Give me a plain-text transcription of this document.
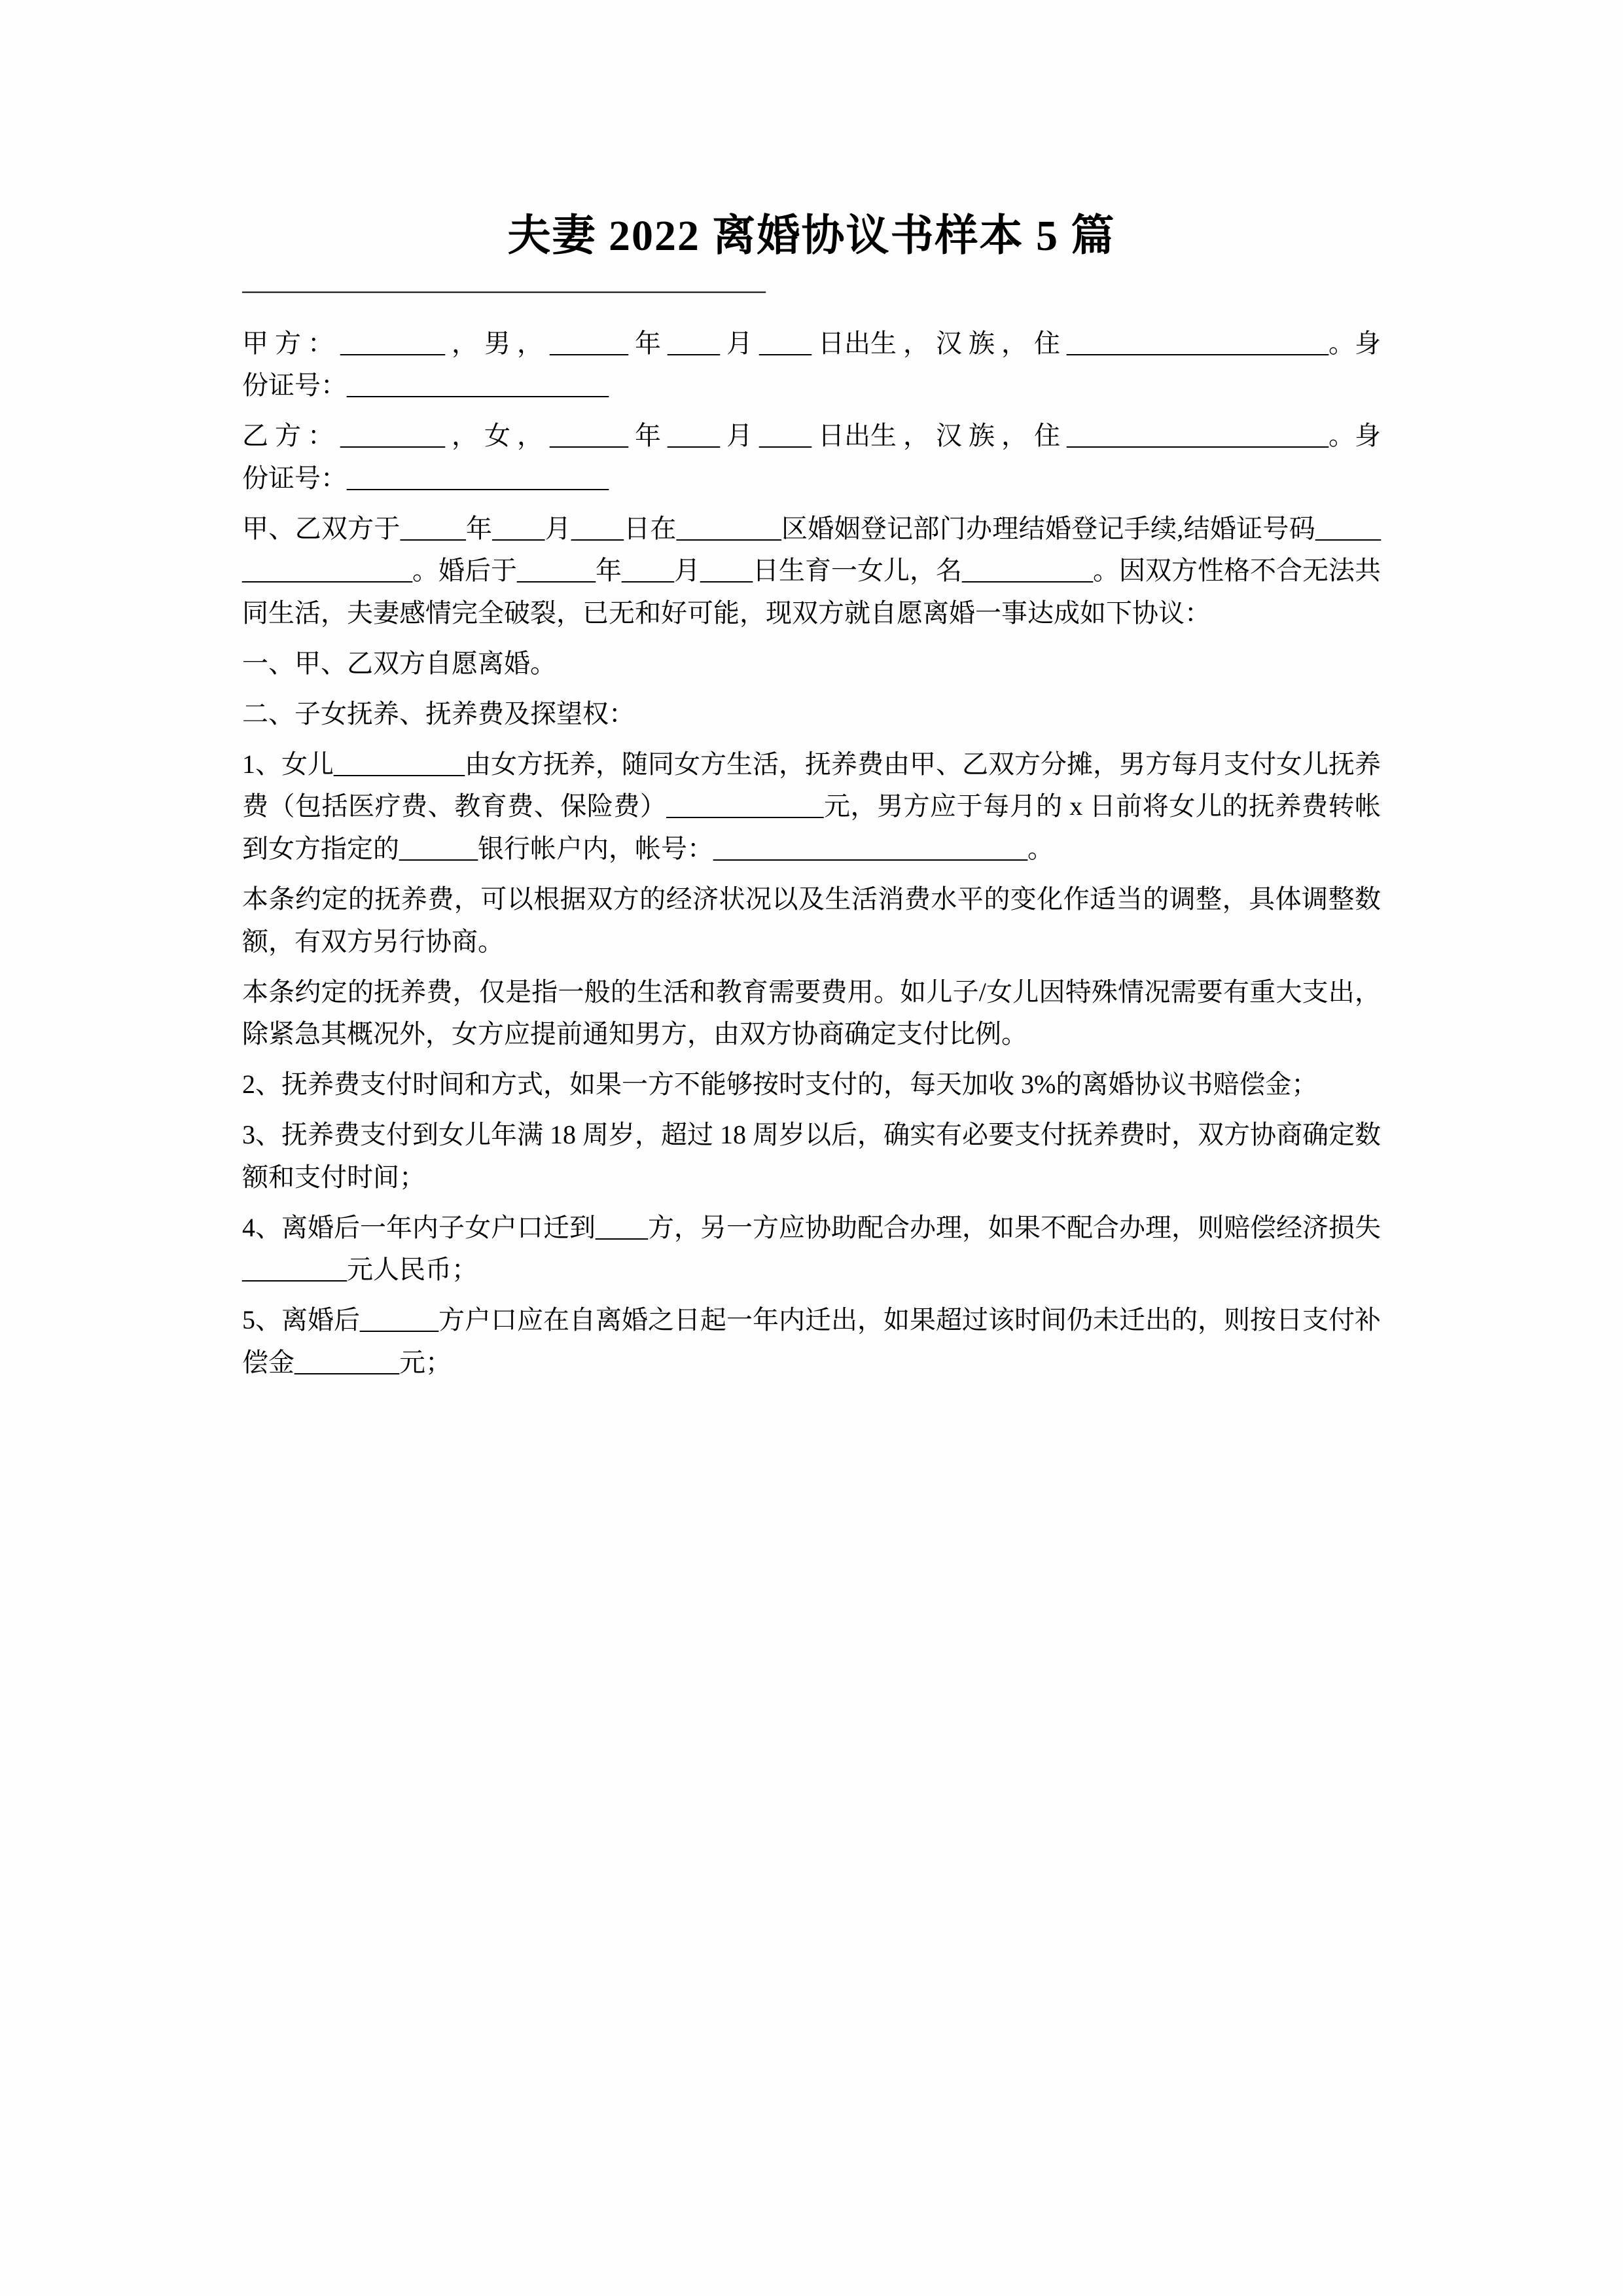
夫妻 2022 离婚协议书样本 5 篇
————————————————————

甲 方 ： ________ ， 男 ， ______ 年 ____ 月 ____ 日出生 ， 汉 族 ， 住 ____________________。身份证号：____________________

乙 方 ： ________ ， 女 ， ______ 年 ____ 月 ____ 日出生 ， 汉 族 ， 住 ____________________。身份证号：____________________

甲、乙双方于_____年____月____日在________区婚姻登记部门办理结婚登记手续,结婚证号码__________________。婚后于______年____月____日生育一女儿，名__________。因双方性格不合无法共同生活，夫妻感情完全破裂，已无和好可能，现双方就自愿离婚一事达成如下协议：

一、甲、乙双方自愿离婚。

二、子女抚养、抚养费及探望权：

1、女儿__________由女方抚养，随同女方生活，抚养费由甲、乙双方分摊，男方每月支付女儿抚养费（包括医疗费、教育费、保险费）____________元，男方应于每月的 x 日前将女儿的抚养费转帐到女方指定的______银行帐户内，帐号：________________________。

本条约定的抚养费，可以根据双方的经济状况以及生活消费水平的变化作适当的调整，具体调整数额，有双方另行协商。

本条约定的抚养费，仅是指一般的生活和教育需要费用。如儿子/女儿因特殊情况需要有重大支出，除紧急其概况外，女方应提前通知男方，由双方协商确定支付比例。

2、抚养费支付时间和方式，如果一方不能够按时支付的，每天加收 3%的离婚协议书赔偿金；

3、抚养费支付到女儿年满 18 周岁，超过 18 周岁以后，确实有必要支付抚养费时，双方协商确定数额和支付时间；

4、离婚后一年内子女户口迁到____方，另一方应协助配合办理，如果不配合办理，则赔偿经济损失________元人民币；

5、离婚后______方户口应在自离婚之日起一年内迁出，如果超过该时间仍未迁出的，则按日支付补偿金________元；
